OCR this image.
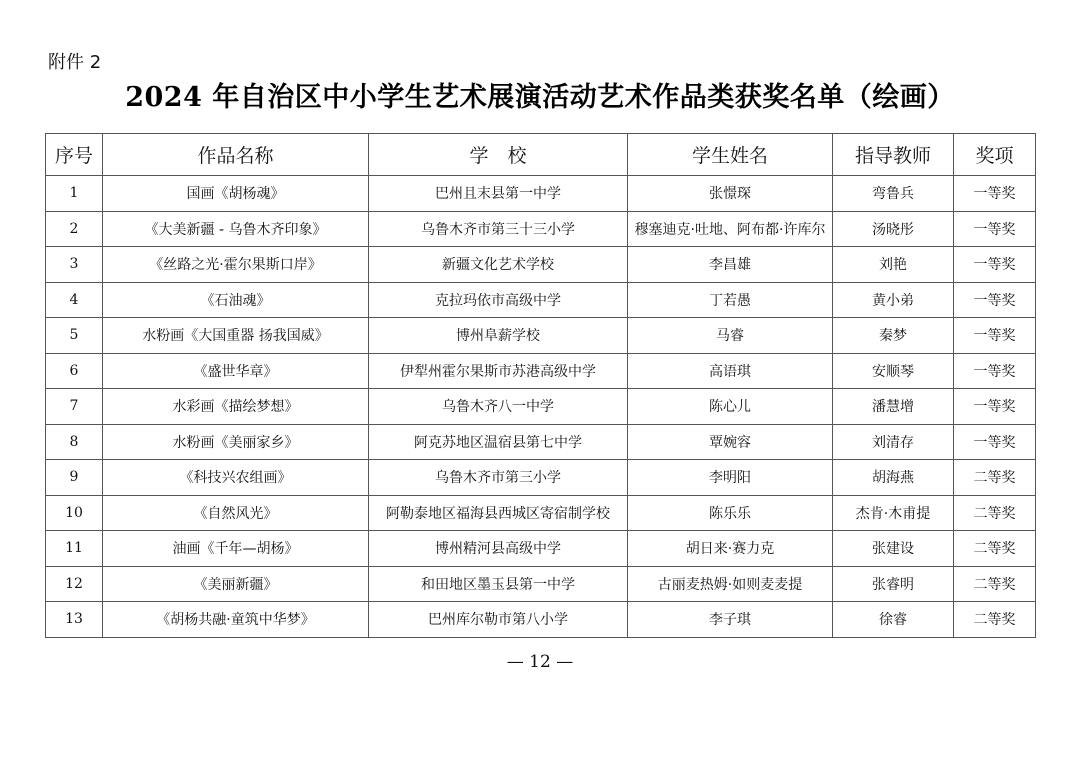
附件 2
2024 年自治区中小学生艺术展演活动艺术作品类获奖名单（绘画）
序号	作品名称	学　校	学生姓名	指导教师	奖项
1	国画《胡杨魂》	巴州且末县第一中学	张憬琛	弯鲁兵	一等奖
2	《大美新疆 - 乌鲁木齐印象》	乌鲁木齐市第三十三小学	穆塞迪克·吐地、阿布都·许库尔	汤晓彤	一等奖
3	《丝路之光·霍尔果斯口岸》	新疆文化艺术学校	李昌雄	刘艳	一等奖
4	《石油魂》	克拉玛依市高级中学	丁若愚	黄小弟	一等奖
5	水粉画《大国重器 扬我国威》	博州阜薪学校	马睿	秦梦	一等奖
6	《盛世华章》	伊犁州霍尔果斯市苏港高级中学	高语琪	安顺琴	一等奖
7	水彩画《描绘梦想》	乌鲁木齐八一中学	陈心儿	潘慧增	一等奖
8	水粉画《美丽家乡》	阿克苏地区温宿县第七中学	覃婉容	刘清存	一等奖
9	《科技兴农组画》	乌鲁木齐市第三小学	李明阳	胡海燕	二等奖
10	《自然风光》	阿勒泰地区福海县西城区寄宿制学校	陈乐乐	杰肯·木甫提	二等奖
11	油画《千年—胡杨》	博州精河县高级中学	胡日来·赛力克	张建设	二等奖
12	《美丽新疆》	和田地区墨玉县第一中学	古丽麦热姆·如则麦麦提	张睿明	二等奖
13	《胡杨共融·童筑中华梦》	巴州库尔勒市第八小学	李子琪	徐睿	二等奖
— 12 —
